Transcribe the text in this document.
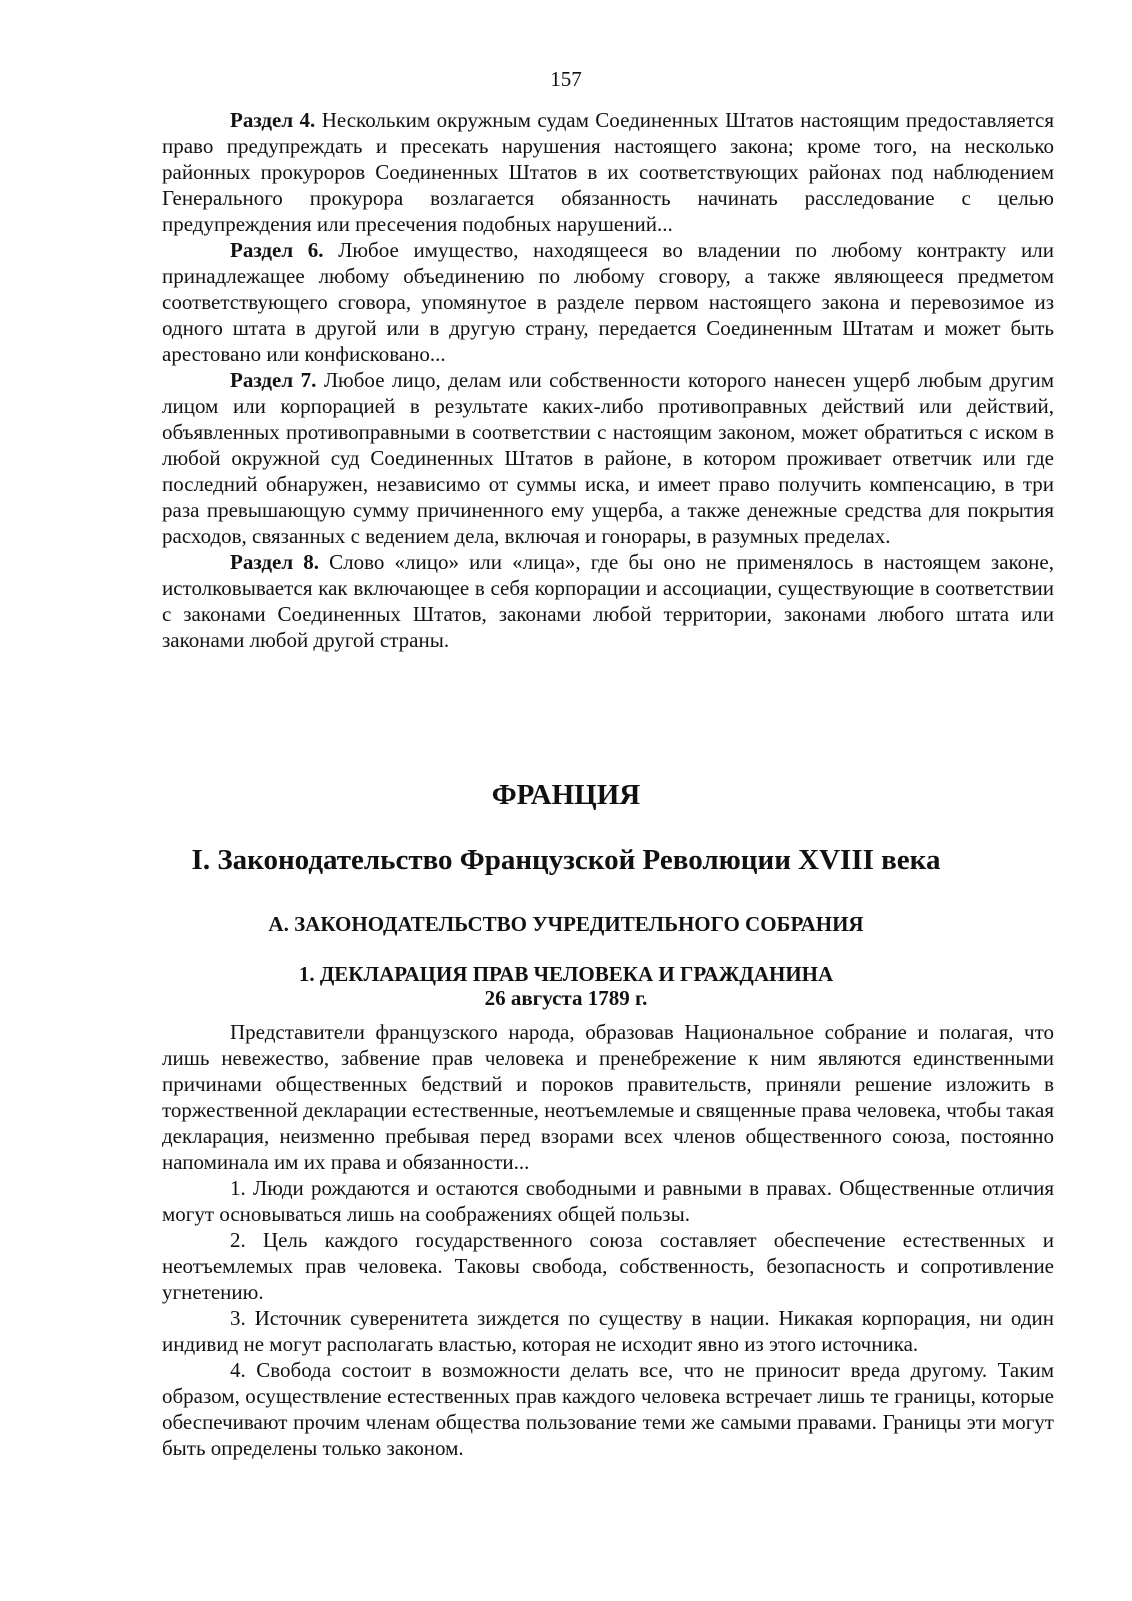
157

Раздел 4. Нескольким окружным судам Соединенных Штатов настоящим предоставляется право предупреждать и пресекать нарушения настоящего закона; кроме того, на несколько районных прокуроров Соединенных Штатов в их соответствующих районах под наблюдением Генерального прокурора возлагается обязанность начинать расследование с целью предупреждения или пресечения подобных нарушений...

Раздел 6. Любое имущество, находящееся во владении по любому контракту или принадлежащее любому объединению по любому сговору, а также являющееся предметом соответствующего сговора, упомянутое в разделе первом настоящего закона и перевозимое из одного штата в другой или в другую страну, передается Соединенным Штатам и может быть арестовано или конфисковано...

Раздел 7. Любое лицо, делам или собственности которого нанесен ущерб любым другим лицом или корпорацией в результате каких-либо противоправных действий или действий, объявленных противоправными в соответствии с настоящим законом, может обратиться с иском в любой окружной суд Соединенных Штатов в районе, в котором проживает ответчик или где последний обнаружен, независимо от суммы иска, и имеет право получить компенсацию, в три раза превышающую сумму причиненного ему ущерба, а также денежные средства для покрытия расходов, связанных с ведением дела, включая и гонорары, в разумных пределах.

Раздел 8. Слово «лицо» или «лица», где бы оно не применялось в настоящем законе, истолковывается как включающее в себя корпорации и ассоциации, существующие в соответствии с законами Соединенных Штатов, законами любой территории, законами любого штата или законами любой другой страны.

ФРАНЦИЯ
I. Законодательство Французской Революции XVIII века
А. ЗАКОНОДАТЕЛЬСТВО УЧРЕДИТЕЛЬНОГО СОБРАНИЯ
1. ДЕКЛАРАЦИЯ ПРАВ ЧЕЛОВЕКА И ГРАЖДАНИНА
26 августа 1789 г.

Представители французского народа, образовав Национальное собрание и полагая, что лишь невежество, забвение прав человека и пренебрежение к ним являются единственными причинами общественных бедствий и пороков правительств, приняли решение изложить в торжественной декларации естественные, неотъемлемые и священные права человека, чтобы такая декларация, неизменно пребывая перед взорами всех членов общественного союза, постоянно напоминала им их права и обязанности...

1. Люди рождаются и остаются свободными и равными в правах. Общественные отличия могут основываться лишь на соображениях общей пользы.

2. Цель каждого государственного союза составляет обеспечение естественных и неотъемлемых прав человека. Таковы свобода, собственность, безопасность и сопротивление угнетению.

3. Источник суверенитета зиждется по существу в нации. Никакая корпорация, ни один индивид не могут располагать властью, которая не исходит явно из этого источника.

4. Свобода состоит в возможности делать все, что не приносит вреда другому. Таким образом, осуществление естественных прав каждого человека встречает лишь те границы, которые обеспечивают прочим членам общества пользование теми же самыми правами. Границы эти могут быть определены только законом.
